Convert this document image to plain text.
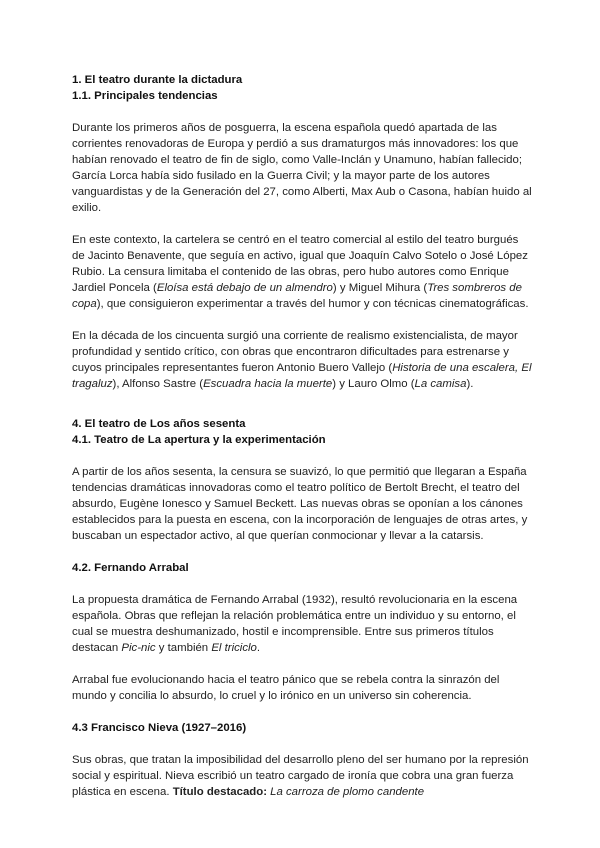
1. El teatro durante la dictadura

1.1. Principales tendencias

Durante los primeros años de posguerra, la escena española quedó apartada de las corrientes renovadoras de Europa y perdió a sus dramaturgos más innovadores: los que habían renovado el teatro de fin de siglo, como Valle-Inclán y Unamuno, habían fallecido; García Lorca había sido fusilado en la Guerra Civil; y la mayor parte de los autores vanguardistas y de la Generación del 27, como Alberti, Max Aub o Casona, habían huido al exilio.

En este contexto, la cartelera se centró en el teatro comercial al estilo del teatro burgués de Jacinto Benavente, que seguía en activo, igual que Joaquín Calvo Sotelo o José López Rubio. La censura limitaba el contenido de las obras, pero hubo autores como Enrique Jardiel Poncela (Eloísa está debajo de un almendro) y Miguel Mihura (Tres sombreros de copa), que consiguieron experimentar a través del humor y con técnicas cinematográficas.

En la década de los cincuenta surgió una corriente de realismo existencialista, de mayor profundidad y sentido crítico, con obras que encontraron dificultades para estrenarse y cuyos principales representantes fueron Antonio Buero Vallejo (Historia de una escalera, El tragaluz), Alfonso Sastre (Escuadra hacia la muerte) y Lauro Olmo (La camisa).

4. El teatro de Los años sesenta

4.1. Teatro de La apertura y la experimentación

A partir de los años sesenta, la censura se suavizó, lo que permitió que llegaran a España tendencias dramáticas innovadoras como el teatro político de Bertolt Brecht, el teatro del absurdo, Eugène Ionesco y Samuel Beckett. Las nuevas obras se oponían a los cánones establecidos para la puesta en escena, con la incorporación de lenguajes de otras artes, y buscaban un espectador activo, al que querían conmocionar y llevar a la catarsis.

4.2. Fernando Arrabal

La propuesta dramática de Fernando Arrabal (1932), resultó revolucionaria en la escena española. Obras que reflejan la relación problemática entre un individuo y su entorno, el cual se muestra deshumanizado, hostil e incomprensible. Entre sus primeros títulos destacan Pic-nic y también El triciclo.

Arrabal fue evolucionando hacia el teatro pánico que se rebela contra la sinrazón del mundo y concilia lo absurdo, lo cruel y lo irónico en un universo sin coherencia.

4.3 Francisco Nieva (1927–2016)

Sus obras, que tratan la imposibilidad del desarrollo pleno del ser humano por la represión social y espiritual. Nieva escribió un teatro cargado de ironía que cobra una gran fuerza plástica en escena. Título destacado: La carroza de plomo candente
